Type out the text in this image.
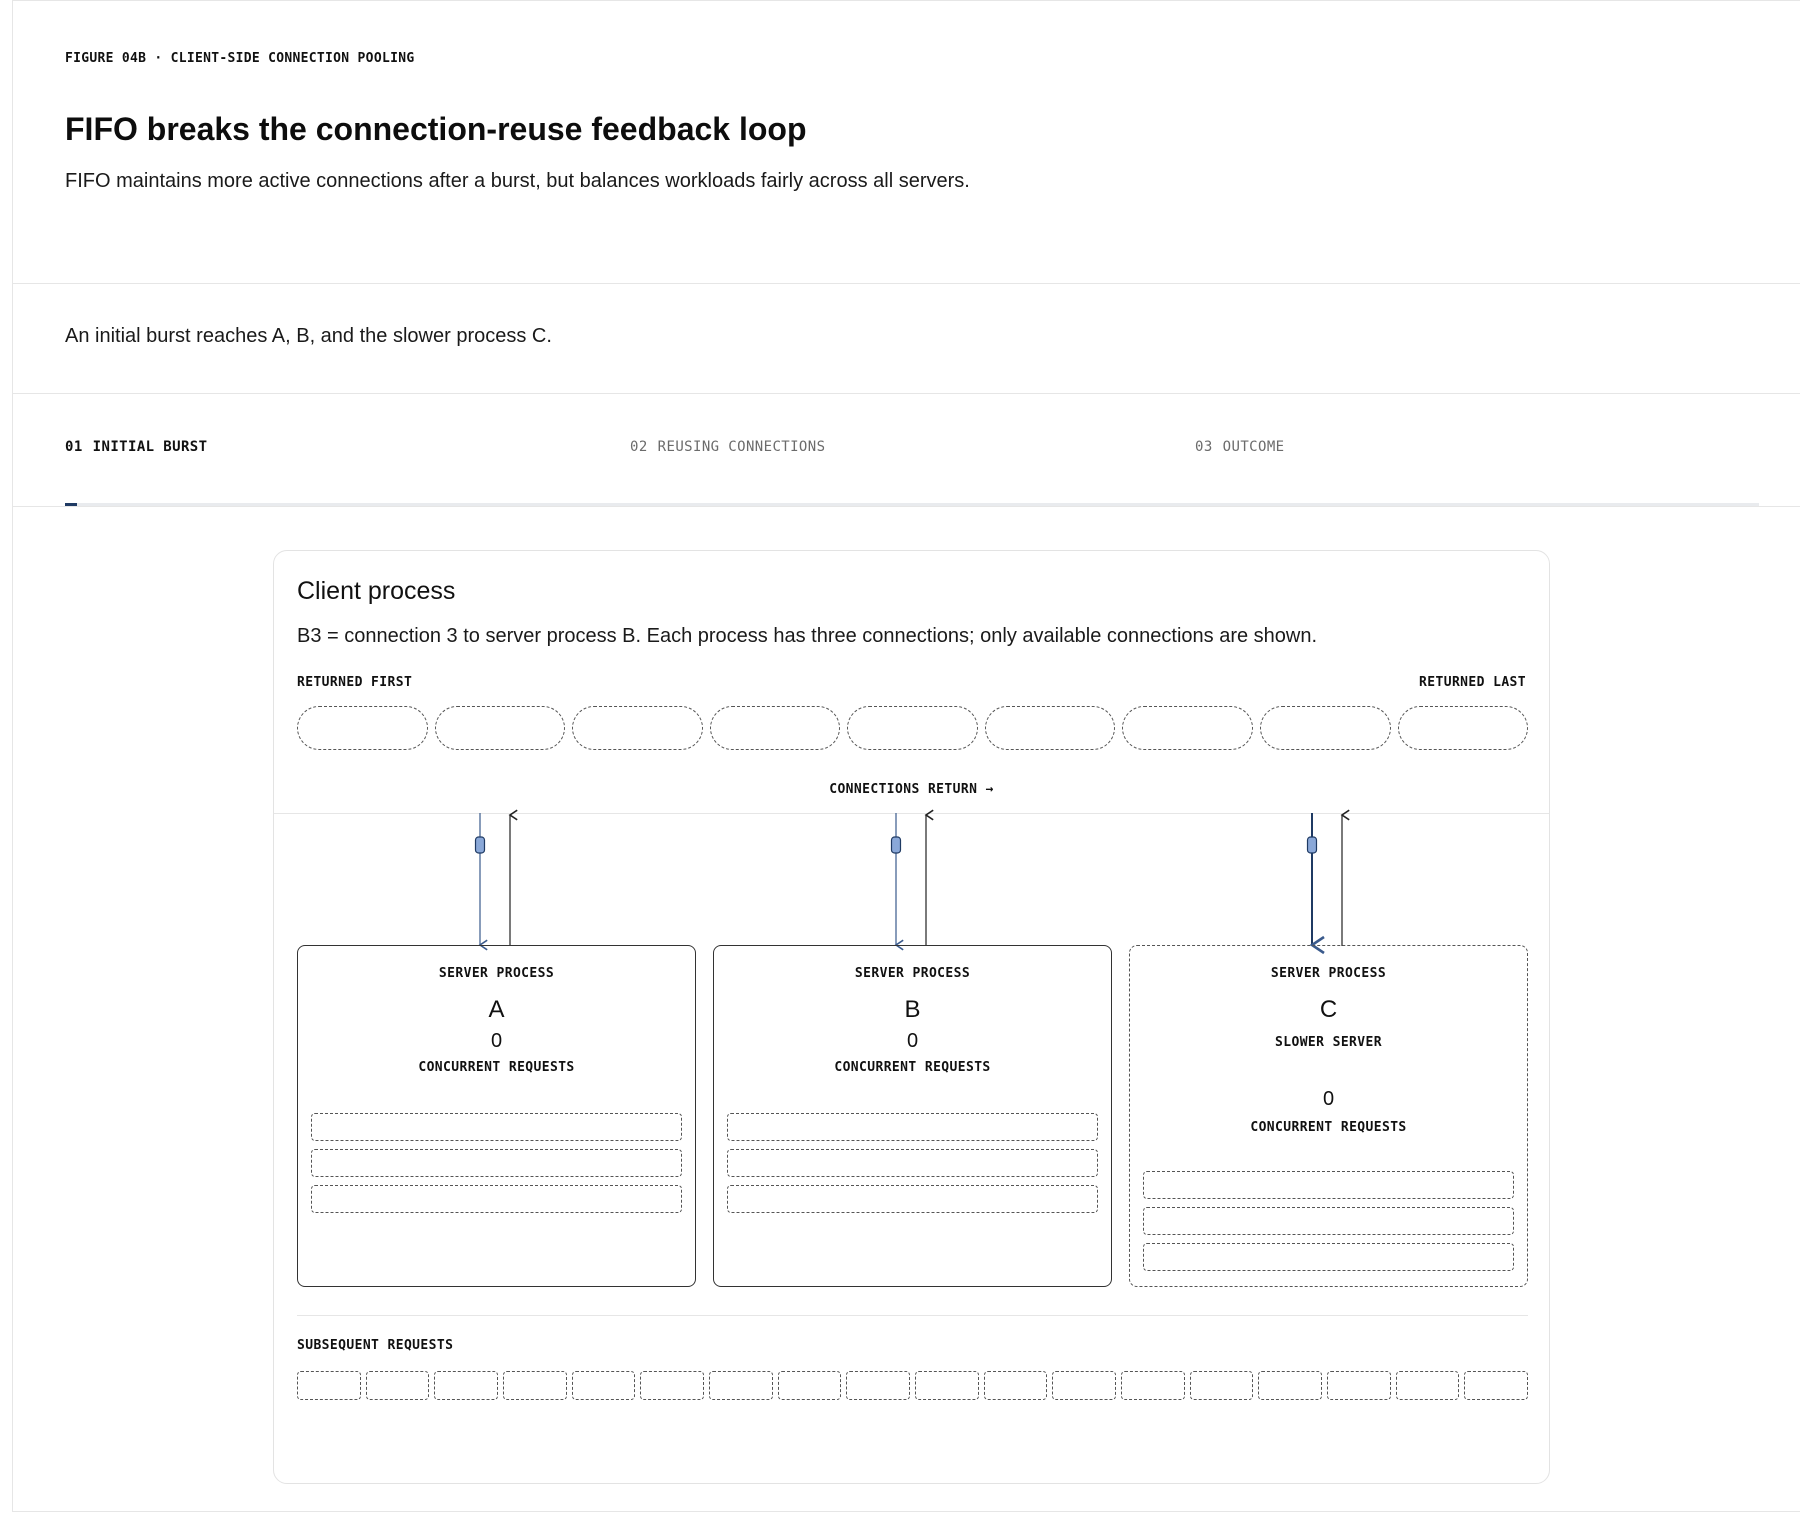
FIGURE 04B · CLIENT-SIDE CONNECTION POOLING
FIFO breaks the connection-reuse feedback loop

FIFO maintains more active connections after a burst, but balances workloads fairly across all servers.

An initial burst reaches A, B, and the slower process C.

01 INITIAL BURST	02 REUSING CONNECTIONS	03 OUTCOME
Client process

B3 = connection 3 to server process B. Each process has three connections; only available connections are shown.

RETURNED FIRST	RETURNED LAST
CONNECTIONS RETURN →
SERVER PROCESS
A
0
CONCURRENT REQUESTS
SERVER PROCESS
B
0
CONCURRENT REQUESTS
SERVER PROCESS
C
SLOWER SERVER
0
CONCURRENT REQUESTS
SUBSEQUENT REQUESTS
